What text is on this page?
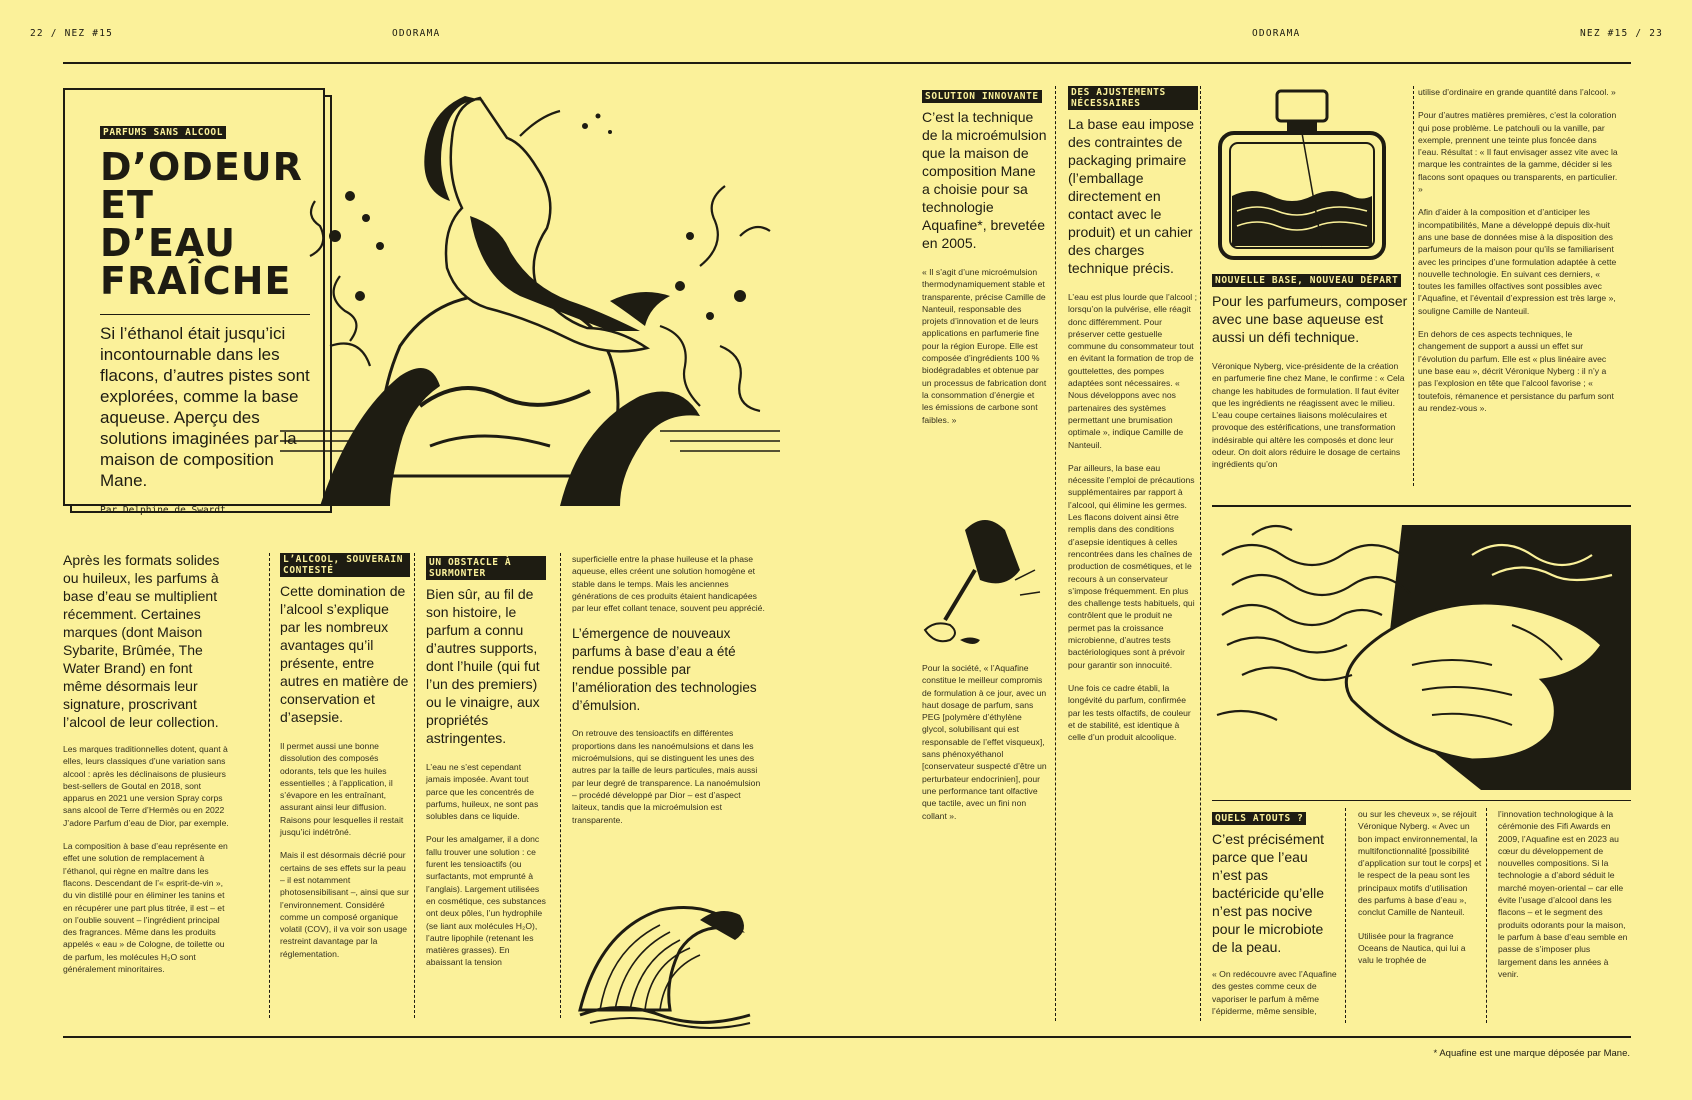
22 / NEZ #15	ODORAMA	ODORAMA	NEZ #15 / 23
PARFUMS SANS ALCOOL
D’ODEUR
ET D’EAU
FRAÎCHE
Si l’éthanol était jusqu’ici incontournable dans les flacons, d’autres pistes sont explorées, comme la base aqueuse. Aperçu des solutions imaginées par la maison de composition Mane.
Par Delphine de Swardt

Après les formats solides ou huileux, les parfums à base d’eau se multiplient récemment. Certaines marques (dont Maison Sybarite, Brûmée, The Water Brand) en font même désormais leur signature, proscrivant l’alcool de leur collection.

Les marques traditionnelles dotent, quant à elles, leurs classiques d’une variation sans alcool : après les déclinaisons de plusieurs best-sellers de Goutal en 2018, sont apparus en 2021 une version Spray corps sans alcool de Terre d’Hermès ou en 2022 J’adore Parfum d’eau de Dior, par exemple.

La composition à base d’eau représente en effet une solution de remplacement à l’éthanol, qui règne en maître dans les flacons. Descendant de l’« esprit-de-vin », du vin distillé pour en éliminer les tanins et en récupérer une part plus titrée, il est – et on l’oublie souvent – l’ingrédient principal des fragrances. Même dans les produits appelés « eau » de Cologne, de toilette ou de parfum, les molécules H₂O sont généralement minoritaires.

L’ALCOOL, SOUVERAIN CONTESTÉ

Cette domination de l’alcool s’explique par les nombreux avantages qu’il présente, entre autres en matière de conservation et d’asepsie.

Il permet aussi une bonne dissolution des composés odorants, tels que les huiles essentielles ; à l’application, il s’évapore en les entraînant, assurant ainsi leur diffusion. Raisons pour lesquelles il restait jusqu’ici indétrôné.

Mais il est désormais décrié pour certains de ses effets sur la peau – il est notamment photosensibilisant –, ainsi que sur l’environnement. Considéré comme un composé organique volatil (COV), il va voir son usage restreint davantage par la réglementation.

UN OBSTACLE À SURMONTER

Bien sûr, au fil de son histoire, le parfum a connu d’autres supports, dont l’huile (qui fut l’un des premiers) ou le vinaigre, aux propriétés astringentes.

L’eau ne s’est cependant jamais imposée. Avant tout parce que les concentrés de parfums, huileux, ne sont pas solubles dans ce liquide.

Pour les amalgamer, il a donc fallu trouver une solution : ce furent les tensioactifs (ou surfactants, mot emprunté à l’anglais). Largement utilisées en cosmétique, ces substances ont deux pôles, l’un hydrophile (se liant aux molécules H₂O), l’autre lipophile (retenant les matières grasses). En abaissant la tension

superficielle entre la phase huileuse et la phase aqueuse, elles créent une solution homogène et stable dans le temps. Mais les anciennes générations de ces produits étaient handicapées par leur effet collant tenace, souvent peu apprécié.

L’émergence de nouveaux parfums à base d’eau a été rendue possible par l’amélioration des technologies d’émulsion.

On retrouve des tensioactifs en différentes proportions dans les nanoémulsions et dans les microémulsions, qui se distinguent les unes des autres par la taille de leurs particules, mais aussi par leur degré de transparence. La nanoémulsion – procédé développé par Dior – est d’aspect laiteux, tandis que la microémulsion est transparente.

SOLUTION INNOVANTE

C’est la technique de la microémulsion que la maison de composition Mane a choisie pour sa technologie Aquafine*, brevetée en 2005.

« Il s’agit d’une microémulsion thermodynamiquement stable et transparente, précise Camille de Nanteuil, responsable des projets d’innovation et de leurs applications en parfumerie fine pour la région Europe. Elle est composée d’ingrédients 100 % biodégradables et obtenue par un processus de fabrication dont la consommation d’énergie et les émissions de carbone sont faibles. »

Pour la société, « l’Aquafine constitue le meilleur compromis de formulation à ce jour, avec un haut dosage de parfum, sans PEG [polymère d’éthylène glycol, solubilisant qui est responsable de l’effet visqueux], sans phénoxyéthanol [conservateur suspecté d’être un perturbateur endocrinien], pour une performance tant olfactive que tactile, avec un fini non collant ».

DES AJUSTEMENTS NÉCESSAIRES

La base eau impose des contraintes de packaging primaire (l’emballage directement en contact avec le produit) et un cahier des charges technique précis.

L’eau est plus lourde que l’alcool ; lorsqu’on la pulvérise, elle réagit donc différemment. Pour préserver cette gestuelle commune du consommateur tout en évitant la formation de trop de gouttelettes, des pompes adaptées sont nécessaires. « Nous développons avec nos partenaires des systèmes permettant une brumisation optimale », indique Camille de Nanteuil.

Par ailleurs, la base eau nécessite l’emploi de précautions supplémentaires par rapport à l’alcool, qui élimine les germes. Les flacons doivent ainsi être remplis dans des conditions d’asepsie identiques à celles rencontrées dans les chaînes de production de cosmétiques, et le recours à un conservateur s’impose fréquemment. En plus des challenge tests habituels, qui contrôlent que le produit ne permet pas la croissance microbienne, d’autres tests bactériologiques sont à prévoir pour garantir son innocuité.

Une fois ce cadre établi, la longévité du parfum, confirmée par les tests olfactifs, de couleur et de stabilité, est identique à celle d’un produit alcoolique.

NOUVELLE BASE, NOUVEAU DÉPART

Pour les parfumeurs, composer avec une base aqueuse est aussi un défi technique.

Véronique Nyberg, vice-présidente de la création en parfumerie fine chez Mane, le confirme : « Cela change les habitudes de formulation. Il faut éviter que les ingrédients ne réagissent avec le milieu. L’eau coupe certaines liaisons moléculaires et provoque des estérifications, une transformation indésirable qui altère les composés et donc leur odeur. On doit alors réduire le dosage de certains ingrédients qu’on

utilise d’ordinaire en grande quantité dans l’alcool. »

Pour d’autres matières premières, c’est la coloration qui pose problème. Le patchouli ou la vanille, par exemple, prennent une teinte plus foncée dans l’eau. Résultat : « Il faut envisager assez vite avec la marque les contraintes de la gamme, décider si les flacons sont opaques ou transparents, en particulier. »

Afin d’aider à la composition et d’anticiper les incompatibilités, Mane a développé depuis dix-huit ans une base de données mise à la disposition des parfumeurs de la maison pour qu’ils se familiarisent avec les principes d’une formulation adaptée à cette nouvelle technologie. En suivant ces derniers, « toutes les familles olfactives sont possibles avec l’Aquafine, et l’éventail d’expression est très large », souligne Camille de Nanteuil.

En dehors de ces aspects techniques, le changement de support a aussi un effet sur l’évolution du parfum. Elle est « plus linéaire avec une base eau », décrit Véronique Nyberg : il n’y a pas l’explosion en tête que l’alcool favorise ; « toutefois, rémanence et persistance du parfum sont au rendez-vous ».

QUELS ATOUTS ?

C’est précisément parce que l’eau n’est pas bactéricide qu’elle n’est pas nocive pour le microbiote de la peau.

« On redécouvre avec l’Aquafine des gestes comme ceux de vaporiser le parfum à même l’épiderme, même sensible,

ou sur les cheveux », se réjouit Véronique Nyberg. « Avec un bon impact environnemental, la multifonctionnalité [possibilité d’application sur tout le corps] et le respect de la peau sont les principaux motifs d’utilisation des parfums à base d’eau », conclut Camille de Nanteuil.

Utilisée pour la fragrance Oceans de Nautica, qui lui a valu le trophée de

l’innovation technologique à la cérémonie des Fifi Awards en 2009, l’Aquafine est en 2023 au cœur du développement de nouvelles compositions. Si la technologie a d’abord séduit le marché moyen-oriental – car elle évite l’usage d’alcool dans les flacons – et le segment des produits odorants pour la maison, le parfum à base d’eau semble en passe de s’imposer plus largement dans les années à venir.

* Aquafine est une marque déposée par Mane.
